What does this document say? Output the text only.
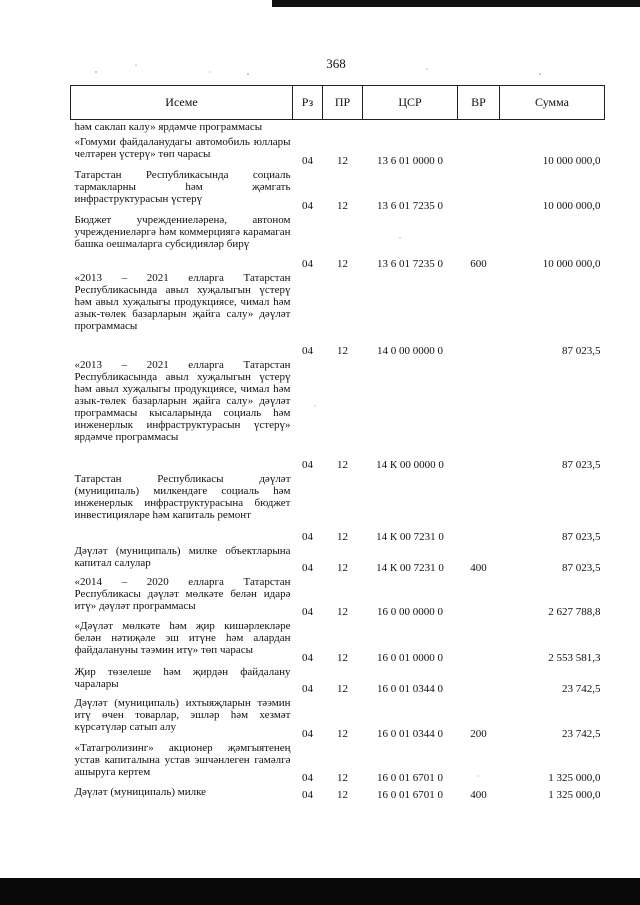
368
Исеме	Рз	ПР	ЦСР	ВР	Сумма
һәм саклап калу» ярдәмче программасы					
«Гомуми файдаланудагы автомобиль юллары челтәрен үстерү» төп чарасы	04	12	13 6 01 0000 0		10 000 000,0
Татарстан Республикасында социаль тармакларны һәм җәмгать инфраструктурасын үстерү	04	12	13 6 01 7235 0		10 000 000,0
Бюджет учреждениеләренә, автоном учреждениеләргә һәм коммерциягә карамаган башка оешмаларга субсидияләр бирү	04	12	13 6 01 7235 0	600	10 000 000,0
«2013 – 2021 елларга Татарстан Республикасында авыл хуҗалыгын үстерү һәм авыл хуҗалыгы продукциясе, чимал һәм азык-төлек базарларын җайга салу» дәүләт программасы	04	12	14 0 00 0000 0		87 023,5
«2013 – 2021 елларга Татарстан Республикасында авыл хуҗалыгын үстерү һәм авыл хуҗалыгы продукциясе, чимал һәм азык-төлек базарларын җайга салу» дәүләт программасы кысаларында социаль һәм инженерлык инфраструктурасын үстерү» ярдәмче программасы	04	12	14 К 00 0000 0		87 023,5
Татарстан Республикасы дәүләт (муниципаль) милкендәге социаль һәм инженерлык инфраструктурасына бюджет инвестицияләре һәм капиталь ремонт	04	12	14 К 00 7231 0		87 023,5
Дәүләт (муниципаль) милке объектларына капитал салулар	04	12	14 К 00 7231 0	400	87 023,5
«2014 – 2020 елларга Татарстан Республикасы дәүләт мөлкәте белән идарә итү» дәүләт программасы	04	12	16 0 00 0000 0		2 627 788,8
«Дәүләт мөлкәте һәм җир кишәрлекләре белән нәтиҗәле эш итүне һәм алардан файдалануны тәэмин итү» төп чарасы	04	12	16 0 01 0000 0		2 553 581,3
Җир төзелеше һәм җирдән файдалану чаралары	04	12	16 0 01 0344 0		23 742,5
Дәүләт (муниципаль) ихтыяҗларын тәэмин итү өчен товарлар, эшләр һәм хезмәт күрсәтүләр сатып алу	04	12	16 0 01 0344 0	200	23 742,5
«Татагролизинг» акционер җәмгыятенең устав капиталына устав эшчәнлеген гамәлгә ашыруга кертем	04	12	16 0 01 6701 0		1 325 000,0
Дәүләт (муниципаль) милке	04	12	16 0 01 6701 0	400	1 325 000,0
